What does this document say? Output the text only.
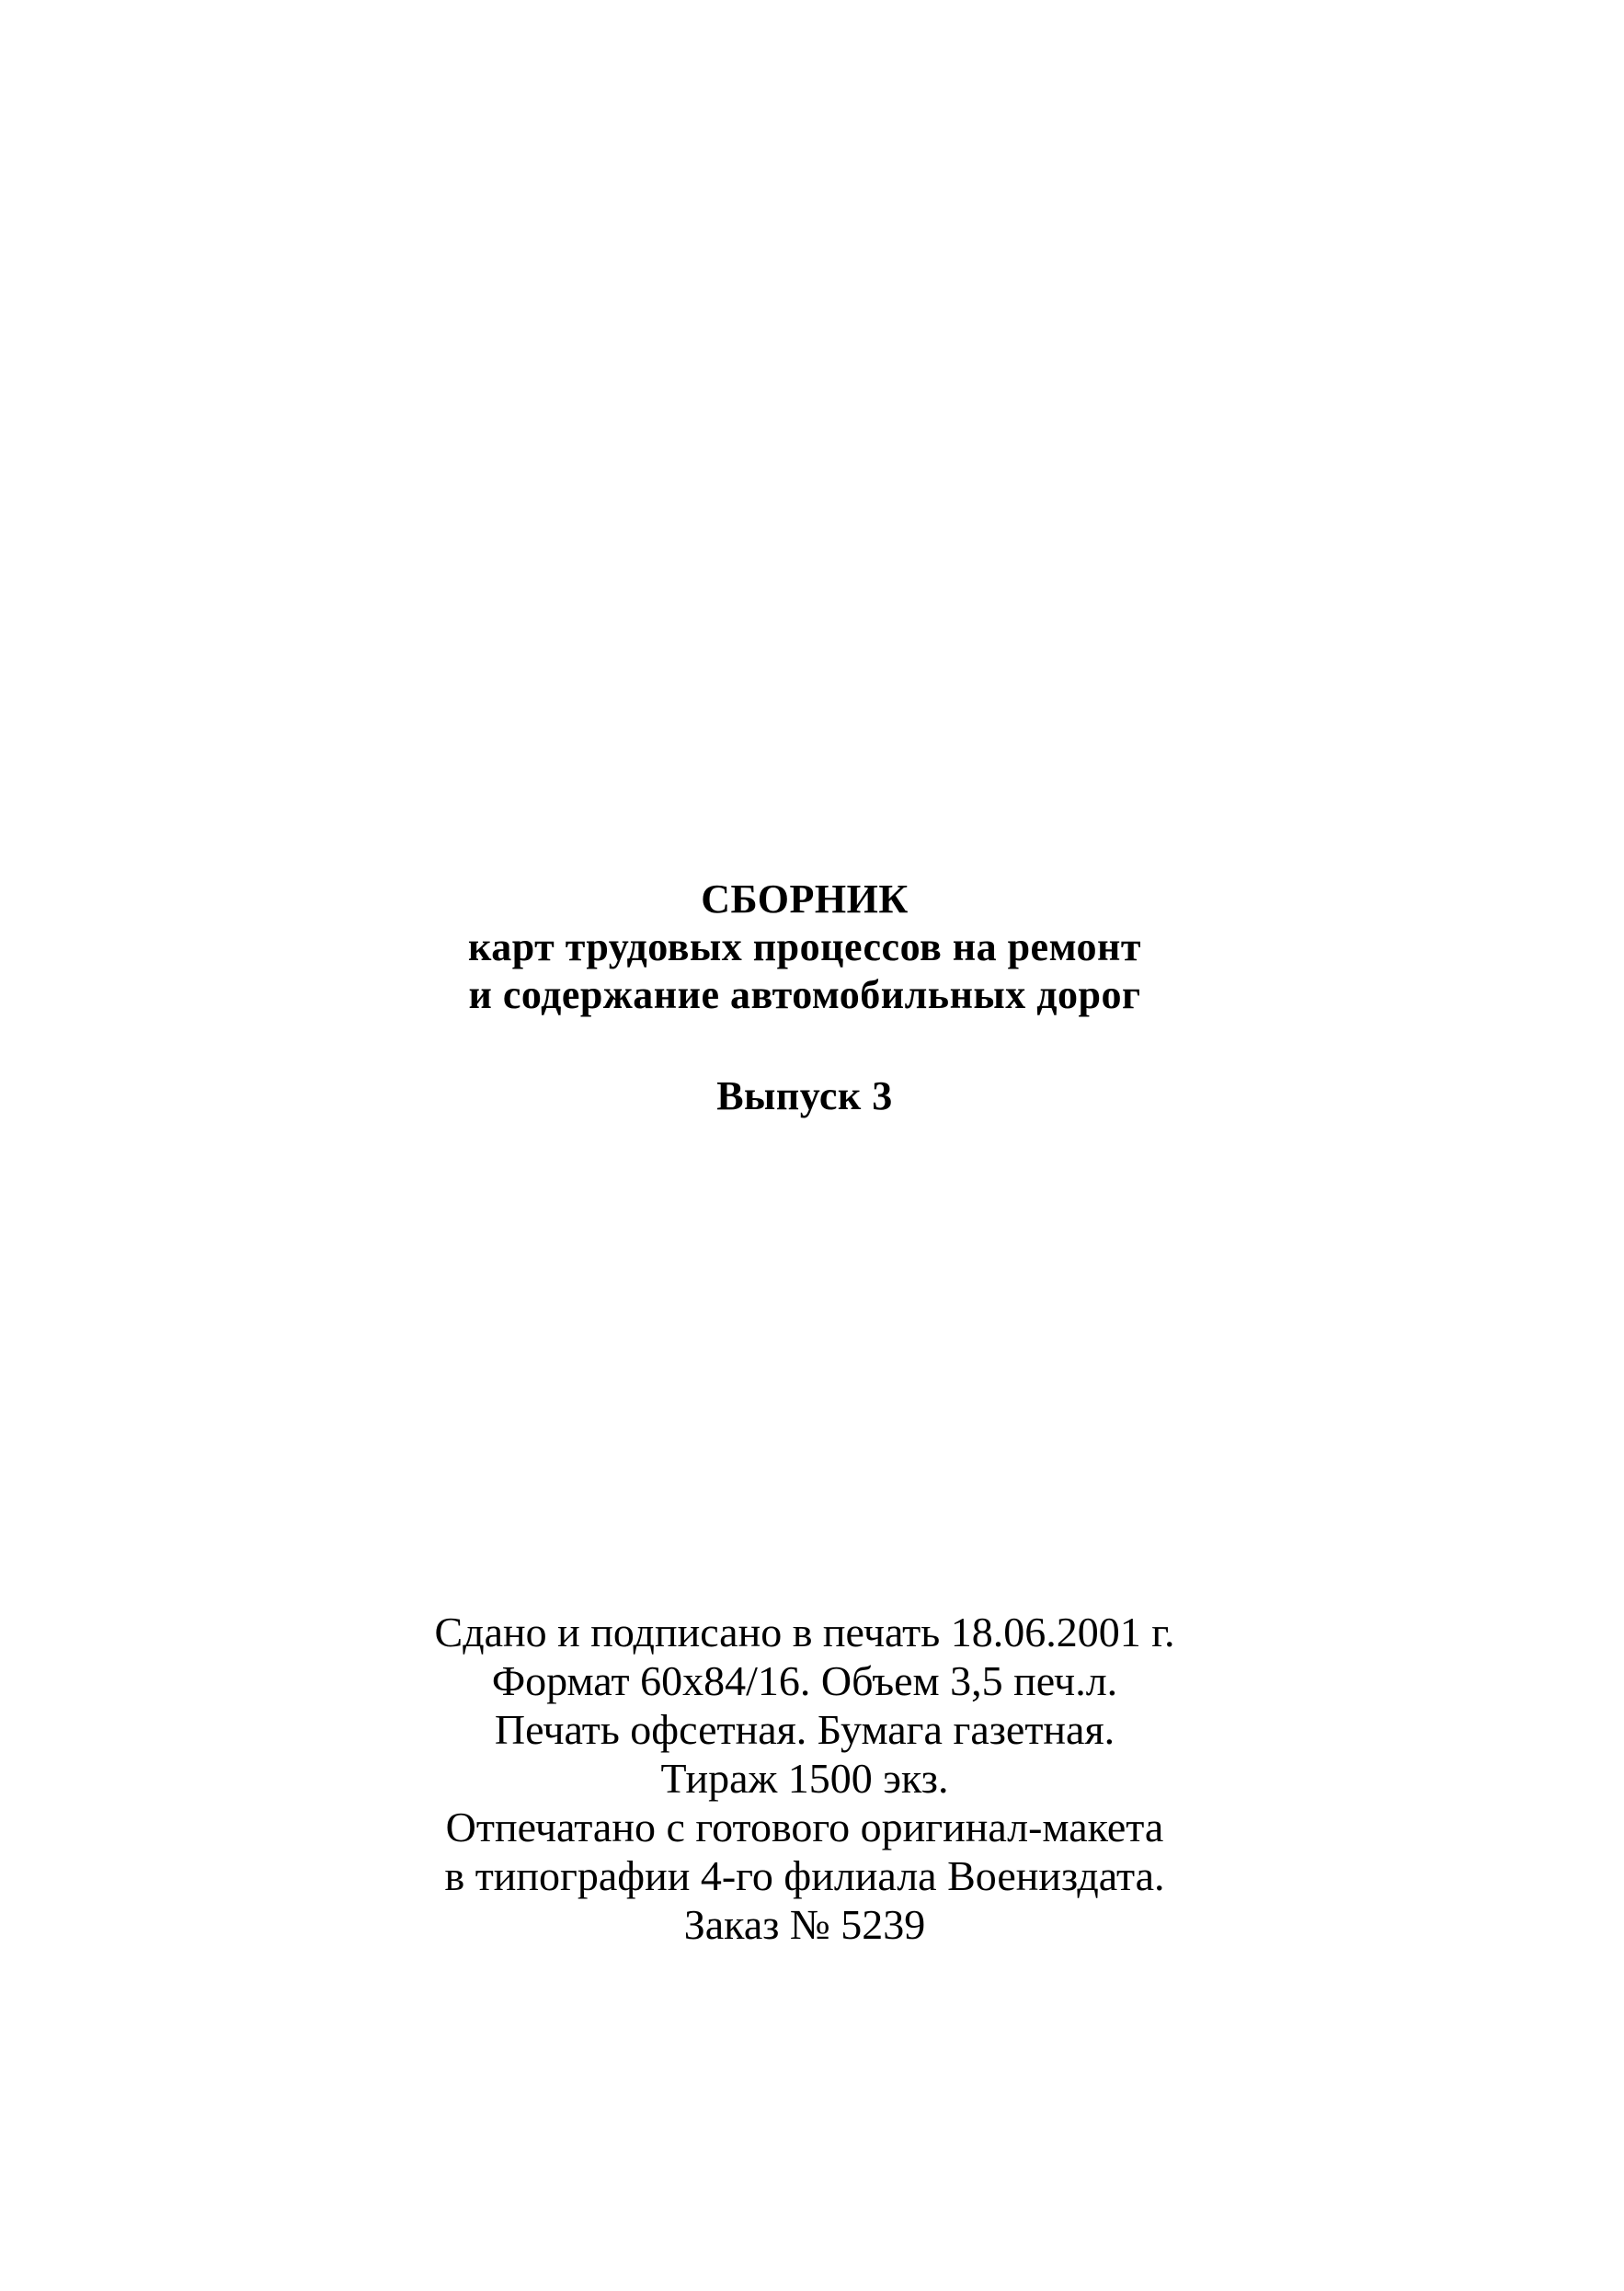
СБОРНИК
карт трудовых процессов на ремонт
и содержание автомобильных дорог
Выпуск 3
Сдано и подписано в печать 18.06.2001 г.
Формат 60х84/16. Объем 3,5 печ.л.
Печать офсетная. Бумага газетная.
Тираж 1500 экз.
Отпечатано с готового оригинал-макета
в типографии 4-го филиала Воениздата.
Заказ № 5239
